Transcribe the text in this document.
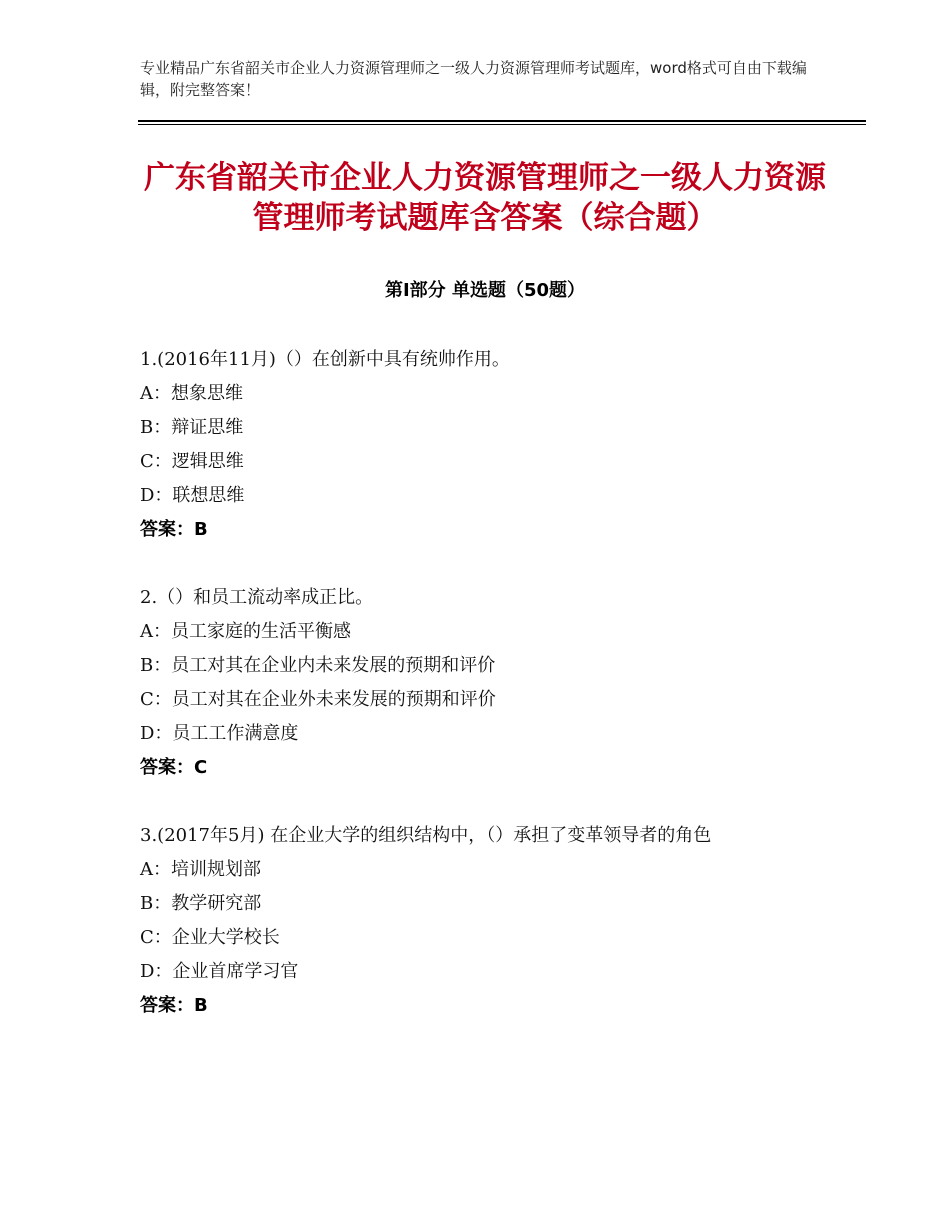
专业精品广东省韶关市企业人力资源管理师之一级人力资源管理师考试题库，word格式可自由下载编辑，附完整答案！
广东省韶关市企业人力资源管理师之一级人力资源管理师考试题库含答案（综合题）
第Ⅰ部分 单选题（50题）
1.(2016年11月)（）在创新中具有统帅作用。
A：想象思维
B：辩证思维
C：逻辑思维
D：联想思维
答案：B
2.（）和员工流动率成正比。
A：员工家庭的生活平衡感
B：员工对其在企业内未来发展的预期和评价
C：员工对其在企业外未来发展的预期和评价
D：员工工作满意度
答案：C
3.(2017年5月) 在企业大学的组织结构中，（）承担了变革领导者的角色
A：培训规划部
B：教学研究部
C：企业大学校长
D：企业首席学习官
答案：B
